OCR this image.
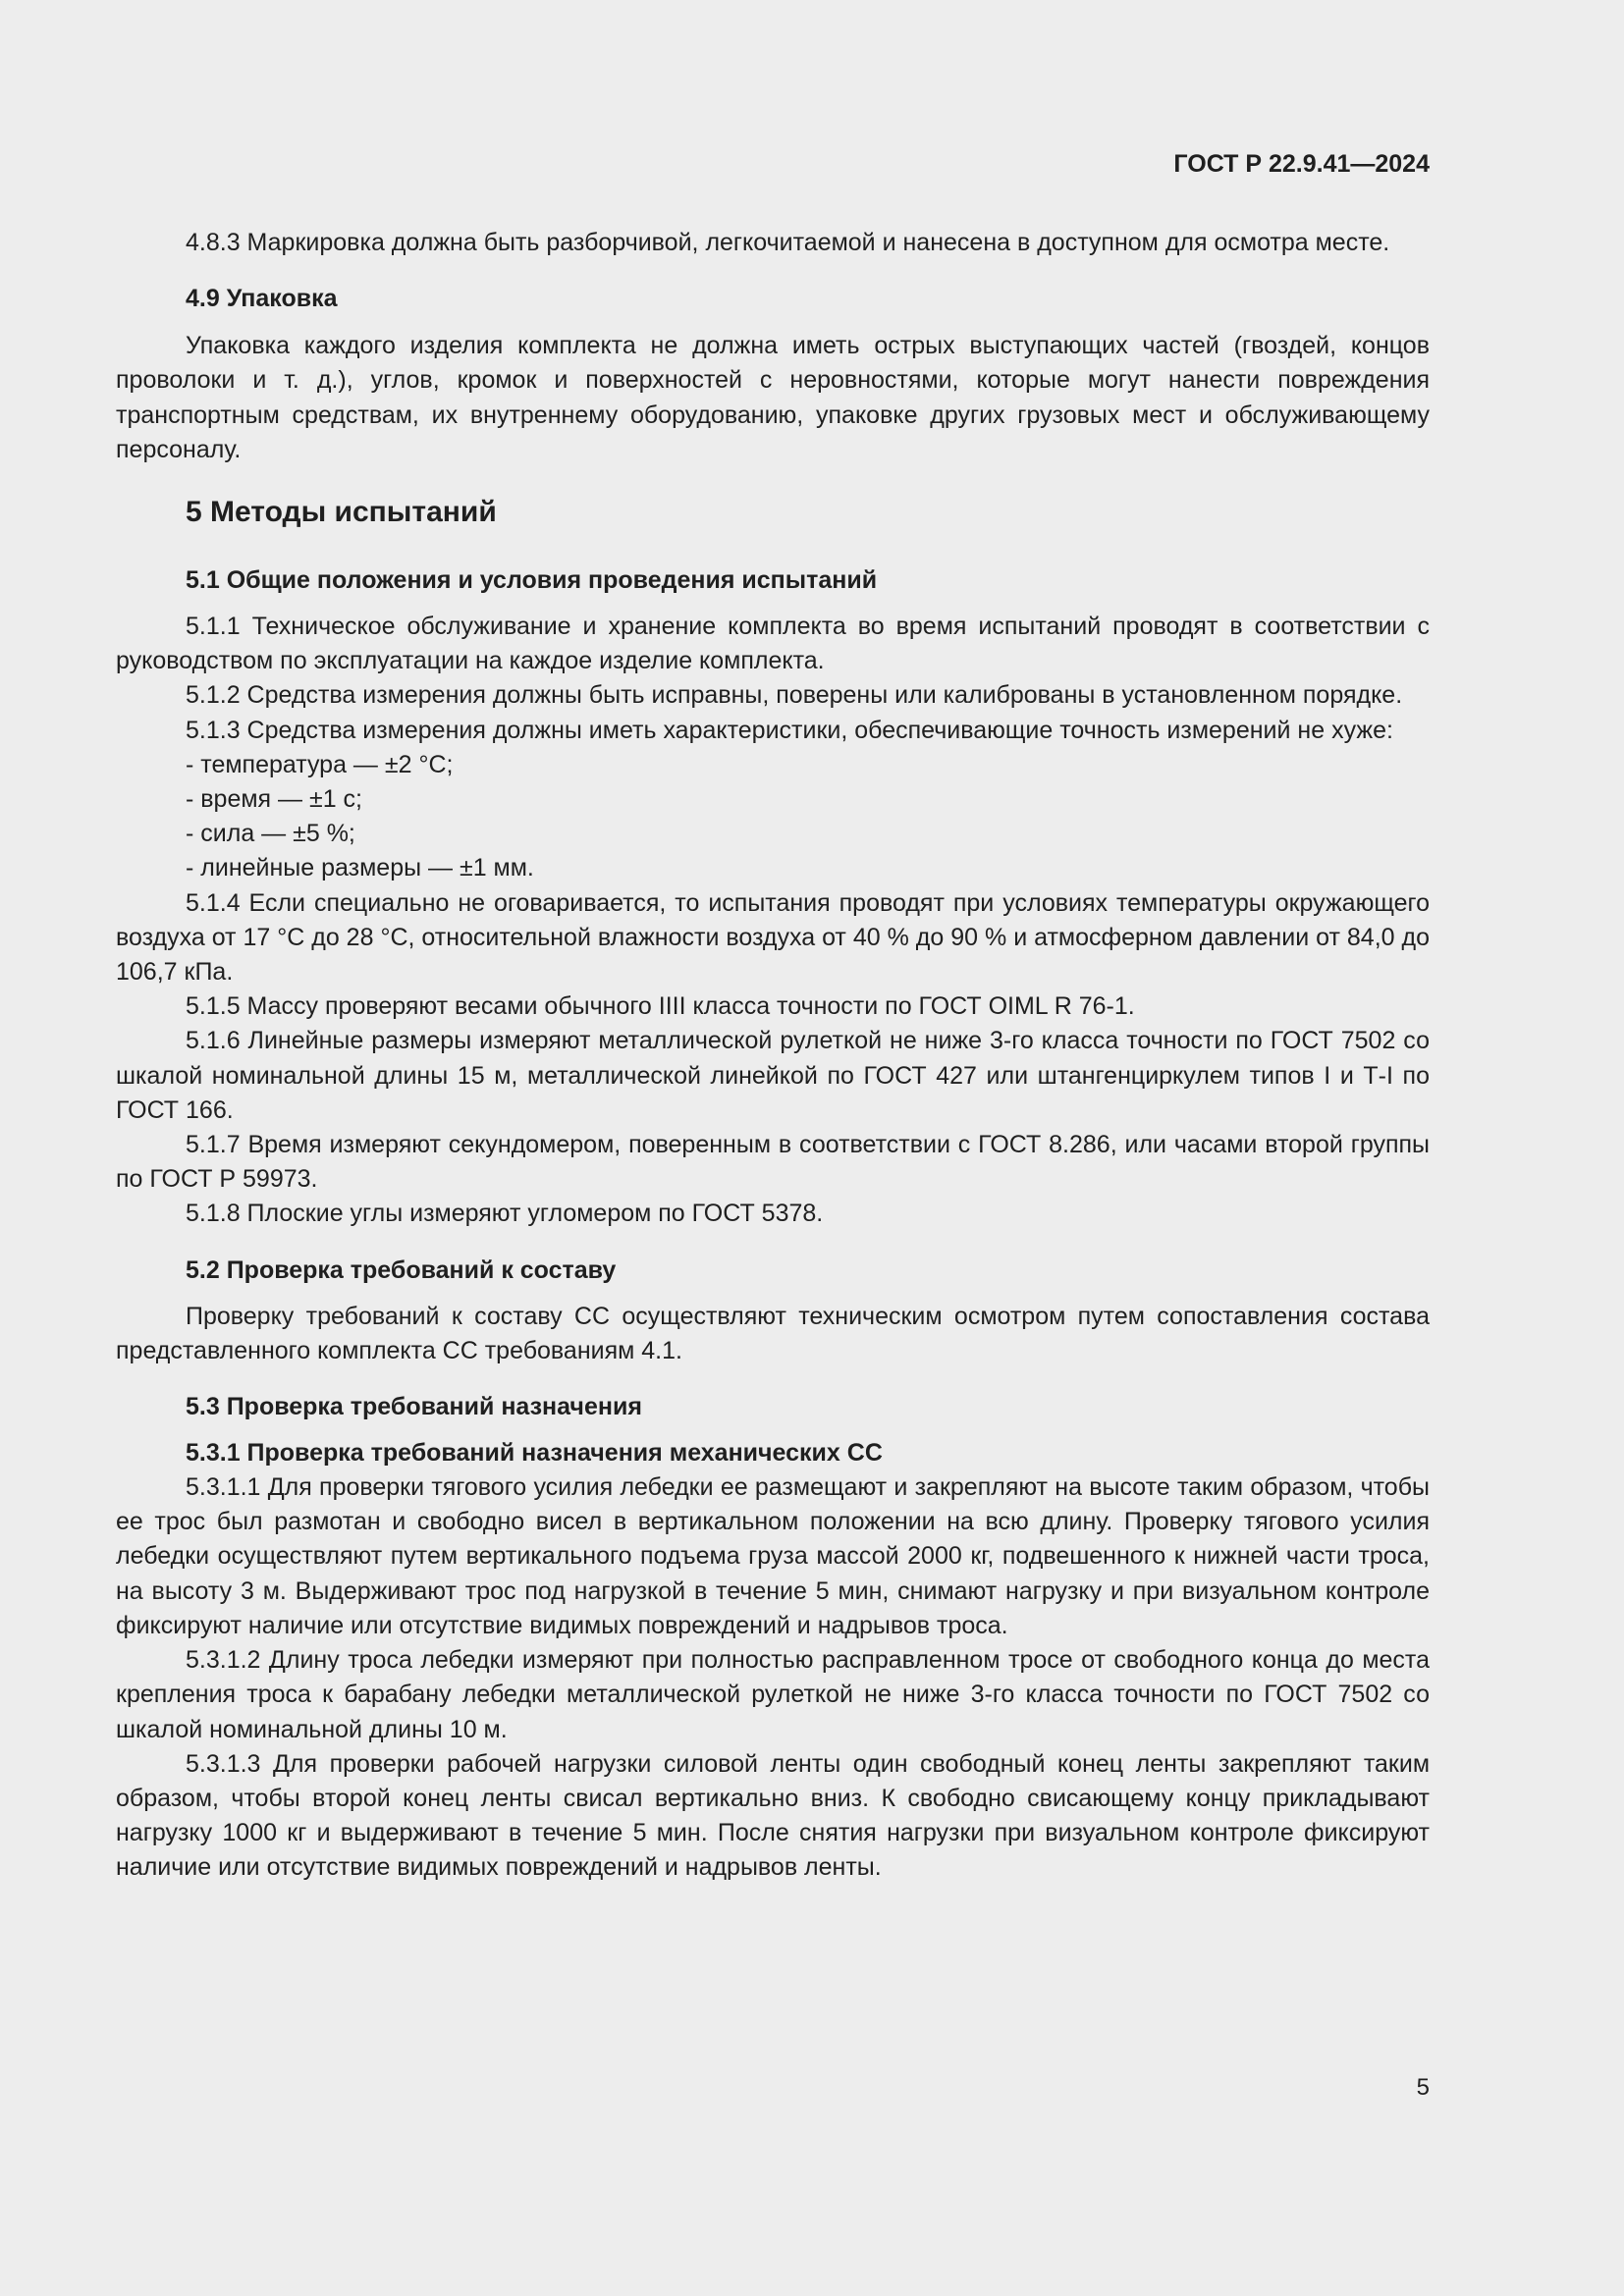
ГОСТ Р 22.9.41—2024

4.8.3 Маркировка должна быть разборчивой, легкочитаемой и нанесена в доступном для осмотра месте.

4.9 Упаковка

Упаковка каждого изделия комплекта не должна иметь острых выступающих частей (гвоздей, концов проволоки и т. д.), углов, кромок и поверхностей с неровностями, которые могут нанести повреждения транспортным средствам, их внутреннему оборудованию, упаковке других грузовых мест и обслуживающему персоналу.

5 Методы испытаний
5.1 Общие положения и условия проведения испытаний

5.1.1 Техническое обслуживание и хранение комплекта во время испытаний проводят в соответствии с руководством по эксплуатации на каждое изделие комплекта.

5.1.2 Средства измерения должны быть исправны, поверены или калиброваны в установленном порядке.

5.1.3 Средства измерения должны иметь характеристики, обеспечивающие точность измерений не хуже:

- температура — ±2 °С;

- время — ±1 с;

- сила — ±5 %;

- линейные размеры — ±1 мм.

5.1.4 Если специально не оговаривается, то испытания проводят при условиях температуры окружающего воздуха от 17 °С до 28 °С, относительной влажности воздуха от 40 % до 90 % и атмосферном давлении от 84,0 до 106,7 кПа.

5.1.5 Массу проверяют весами обычного IIII класса точности по ГОСТ OIML R 76-1.

5.1.6 Линейные размеры измеряют металлической рулеткой не ниже 3-го класса точности по ГОСТ 7502 со шкалой номинальной длины 15 м, металлической линейкой по ГОСТ 427 или штангенциркулем типов I и Т-I по ГОСТ 166.

5.1.7 Время измеряют секундомером, поверенным в соответствии с ГОСТ 8.286, или часами второй группы по ГОСТ Р 59973.

5.1.8 Плоские углы измеряют угломером по ГОСТ 5378.

5.2 Проверка требований к составу

Проверку требований к составу СС осуществляют техническим осмотром путем сопоставления состава представленного комплекта СС требованиям 4.1.

5.3 Проверка требований назначения
5.3.1 Проверка требований назначения механических СС

5.3.1.1 Для проверки тягового усилия лебедки ее размещают и закрепляют на высоте таким образом, чтобы ее трос был размотан и свободно висел в вертикальном положении на всю длину. Проверку тягового усилия лебедки осуществляют путем вертикального подъема груза массой 2000 кг, подвешенного к нижней части троса, на высоту 3 м. Выдерживают трос под нагрузкой в течение 5 мин, снимают нагрузку и при визуальном контроле фиксируют наличие или отсутствие видимых повреждений и надрывов троса.

5.3.1.2 Длину троса лебедки измеряют при полностью расправленном тросе от свободного конца до места крепления троса к барабану лебедки металлической рулеткой не ниже 3-го класса точности по ГОСТ 7502 со шкалой номинальной длины 10 м.

5.3.1.3 Для проверки рабочей нагрузки силовой ленты один свободный конец ленты закрепляют таким образом, чтобы второй конец ленты свисал вертикально вниз. К свободно свисающему концу прикладывают нагрузку 1000 кг и выдерживают в течение 5 мин. После снятия нагрузки при визуальном контроле фиксируют наличие или отсутствие видимых повреждений и надрывов ленты.

5
